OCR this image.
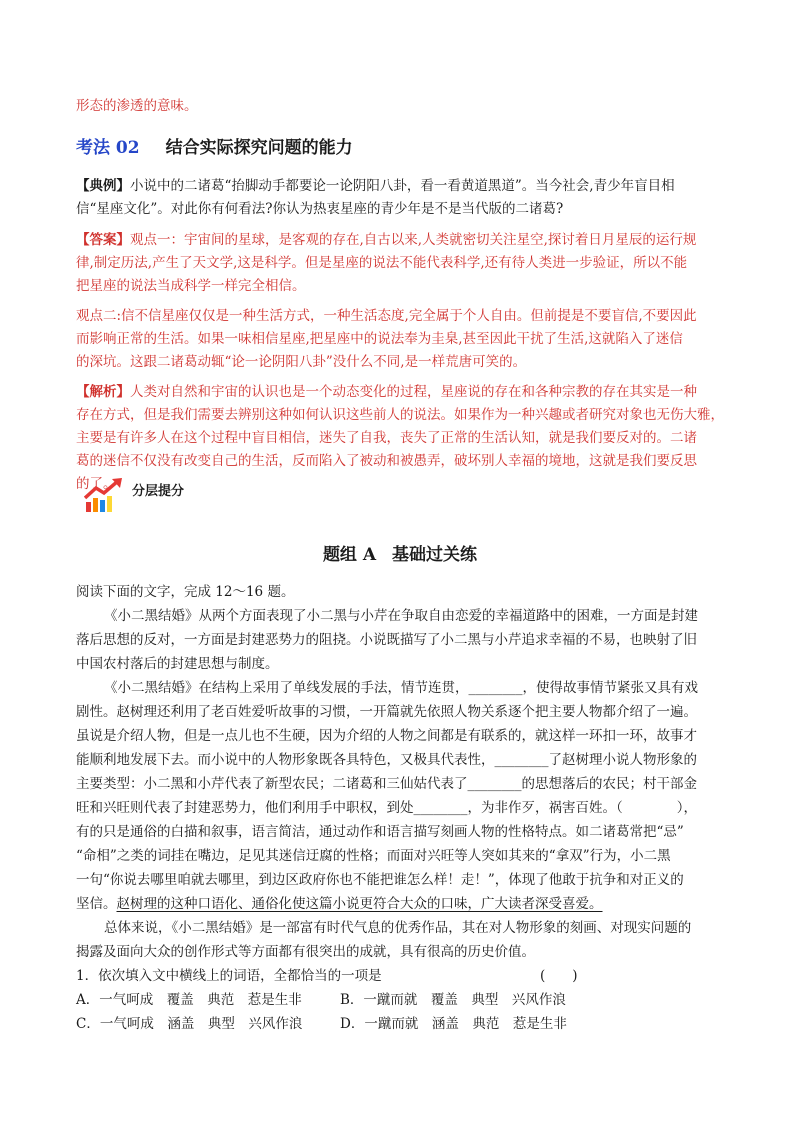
形态的渗透的意味。
考法 02 结合实际探究问题的能力
【典例】小说中的二诸葛“抬脚动手都要论一论阴阳八卦，看一看黄道黑道”。当今社会,青少年盲目相
信“星座文化”。对此你有何看法?你认为热衷星座的青少年是不是当代版的二诸葛?
【答案】观点一：宇宙间的星球，是客观的存在,自古以来,人类就密切关注星空,探讨着日月星辰的运行规
律,制定历法,产生了天文学,这是科学。但是星座的说法不能代表科学,还有待人类进一步验证，所以不能
把星座的说法当成科学一样完全相信。
观点二:信不信星座仅仅是一种生活方式，一种生活态度,完全属于个人自由。但前提是不要盲信,不要因此
而影响正常的生活。如果一味相信星座,把星座中的说法奉为圭臬,甚至因此干扰了生活,这就陷入了迷信
的深坑。这跟二诸葛动辄“论一论阴阳八卦”没什么不同,是一样荒唐可笑的。
【解析】人类对自然和宇宙的认识也是一个动态变化的过程，星座说的存在和各种宗教的存在其实是一种
存在方式，但是我们需要去辨别这种如何认识这些前人的说法。如果作为一种兴趣或者研究对象也无伤大雅，
主要是有许多人在这个过程中盲目相信，迷失了自我，丧失了正常的生活认知，就是我们要反对的。二诸
葛的迷信不仅没有改变自己的生活，反而陷入了被动和被愚弄，破坏别人幸福的境地，这就是我们要反思
的了。 分层提分
题组 A 基础过关练
阅读下面的文字，完成 12～16 题。
《小二黑结婚》从两个方面表现了小二黑与小芹在争取自由恋爱的幸福道路中的困难，一方面是封建
落后思想的反对，一方面是封建恶势力的阻挠。小说既描写了小二黑与小芹追求幸福的不易，也映射了旧
中国农村落后的封建思想与制度。
《小二黑结婚》在结构上采用了单线发展的手法，情节连贯，________，使得故事情节紧张又具有戏
剧性。赵树理还利用了老百姓爱听故事的习惯，一开篇就先依照人物关系逐个把主要人物都介绍了一遍。
虽说是介绍人物，但是一点儿也不生硬，因为介绍的人物之间都是有联系的，就这样一环扣一环，故事才
能顺利地发展下去。而小说中的人物形象既各具特色，又极具代表性，________了赵树理小说人物形象的
主要类型：小二黑和小芹代表了新型农民；二诸葛和三仙姑代表了________的思想落后的农民；村干部金
旺和兴旺则代表了封建恶势力，他们利用手中职权，到处________，为非作歹，祸害百姓。（　　　　），
有的只是通俗的白描和叙事，语言简洁，通过动作和语言描写刻画人物的性格特点。如二诸葛常把“忌”
“命相”之类的词挂在嘴边，足见其迷信迂腐的性格；而面对兴旺等人突如其来的“拿双”行为，小二黑
一句“你说去哪里咱就去哪里，到边区政府你也不能把谁怎么样！走！”，体现了他敢于抗争和对正义的
坚信。赵树理的这种口语化、通俗化使这篇小说更符合大众的口味，广大读者深受喜爱。
总体来说，《小二黑结婚》是一部富有时代气息的优秀作品，其在对人物形象的刻画、对现实问题的
揭露及面向大众的创作形式等方面都有很突出的成就，具有很高的历史价值。
1．依次填入文中横线上的词语，全都恰当的一项是	(　　)
A．一气呵成　覆盖　典范　惹是生非	B．一蹴而就　覆盖　典型　兴风作浪
C．一气呵成　涵盖　典型　兴风作浪	D．一蹴而就　涵盖　典范　惹是生非
